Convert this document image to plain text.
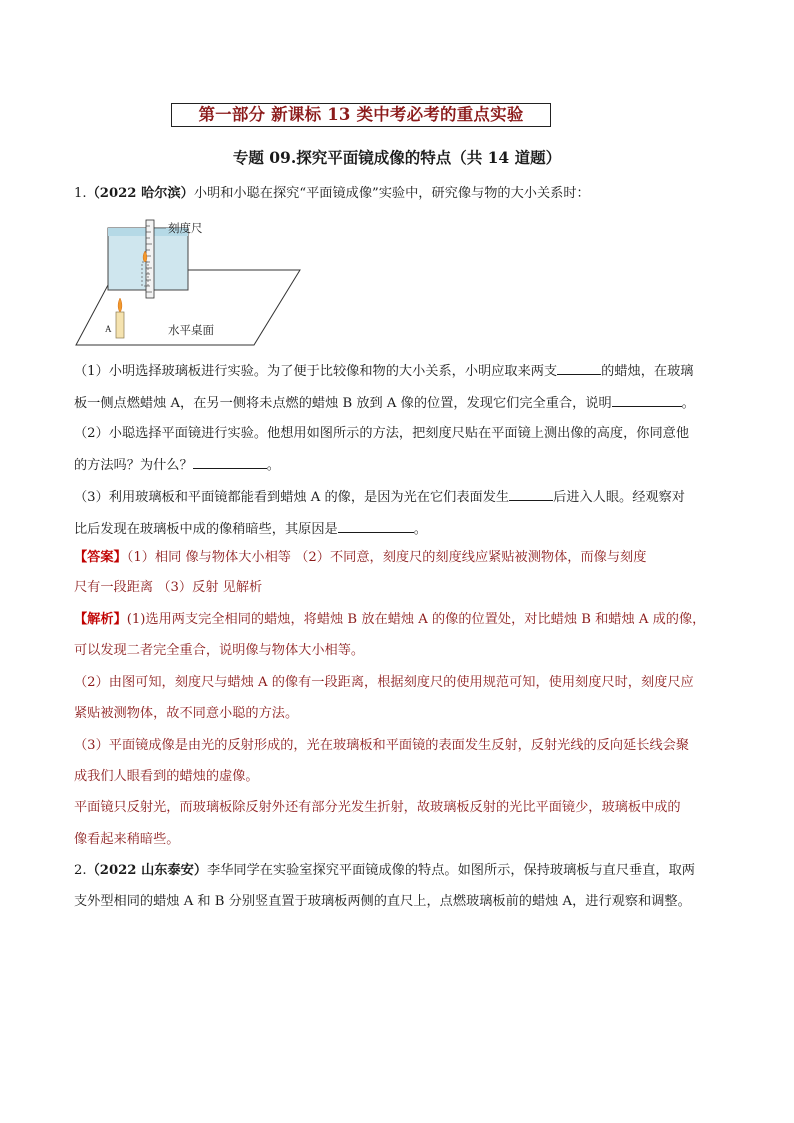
第一部分 新课标 13 类中考必考的重点实验
专题 09.探究平面镜成像的特点（共 14 道题）
1.（2022 哈尔滨）小明和小聪在探究“平面镜成像”实验中，研究像与物的大小关系时：
刻度尺
水平桌面
A
（1）小明选择玻璃板进行实验。为了便于比较像和物的大小关系，小明应取来两支	的蜡烛，在玻璃
板一侧点燃蜡烛 A，在另一侧将未点燃的蜡烛 B 放到 A 像的位置，发现它们完全重合，说明	。
（2）小聪选择平面镜进行实验。他想用如图所示的方法，把刻度尺贴在平面镜上测出像的高度，你同意他
的方法吗？为什么？	。
（3）利用玻璃板和平面镜都能看到蜡烛 A 的像，是因为光在它们表面发生	后进入人眼。经观察对
比后发现在玻璃板中成的像稍暗些，其原因是	。
【答案】（1）相同 像与物体大小相等 （2）不同意，刻度尺的刻度线应紧贴被测物体，而像与刻度
尺有一段距离 （3）反射 见解析
【解析】(1)选用两支完全相同的蜡烛，将蜡烛 B 放在蜡烛 A 的像的位置处，对比蜡烛 B 和蜡烛 A 成的像，
可以发现二者完全重合，说明像与物体大小相等。
（2）由图可知，刻度尺与蜡烛 A 的像有一段距离，根据刻度尺的使用规范可知，使用刻度尺时，刻度尺应
紧贴被测物体，故不同意小聪的方法。
（3）平面镜成像是由光的反射形成的，光在玻璃板和平面镜的表面发生反射，反射光线的反向延长线会聚
成我们人眼看到的蜡烛的虚像。
平面镜只反射光，而玻璃板除反射外还有部分光发生折射，故玻璃板反射的光比平面镜少，玻璃板中成的
像看起来稍暗些。
2.（2022 山东泰安）李华同学在实验室探究平面镜成像的特点。如图所示，保持玻璃板与直尺垂直，取两
支外型相同的蜡烛 A 和 B 分别竖直置于玻璃板两侧的直尺上，点燃玻璃板前的蜡烛 A，进行观察和调整。
